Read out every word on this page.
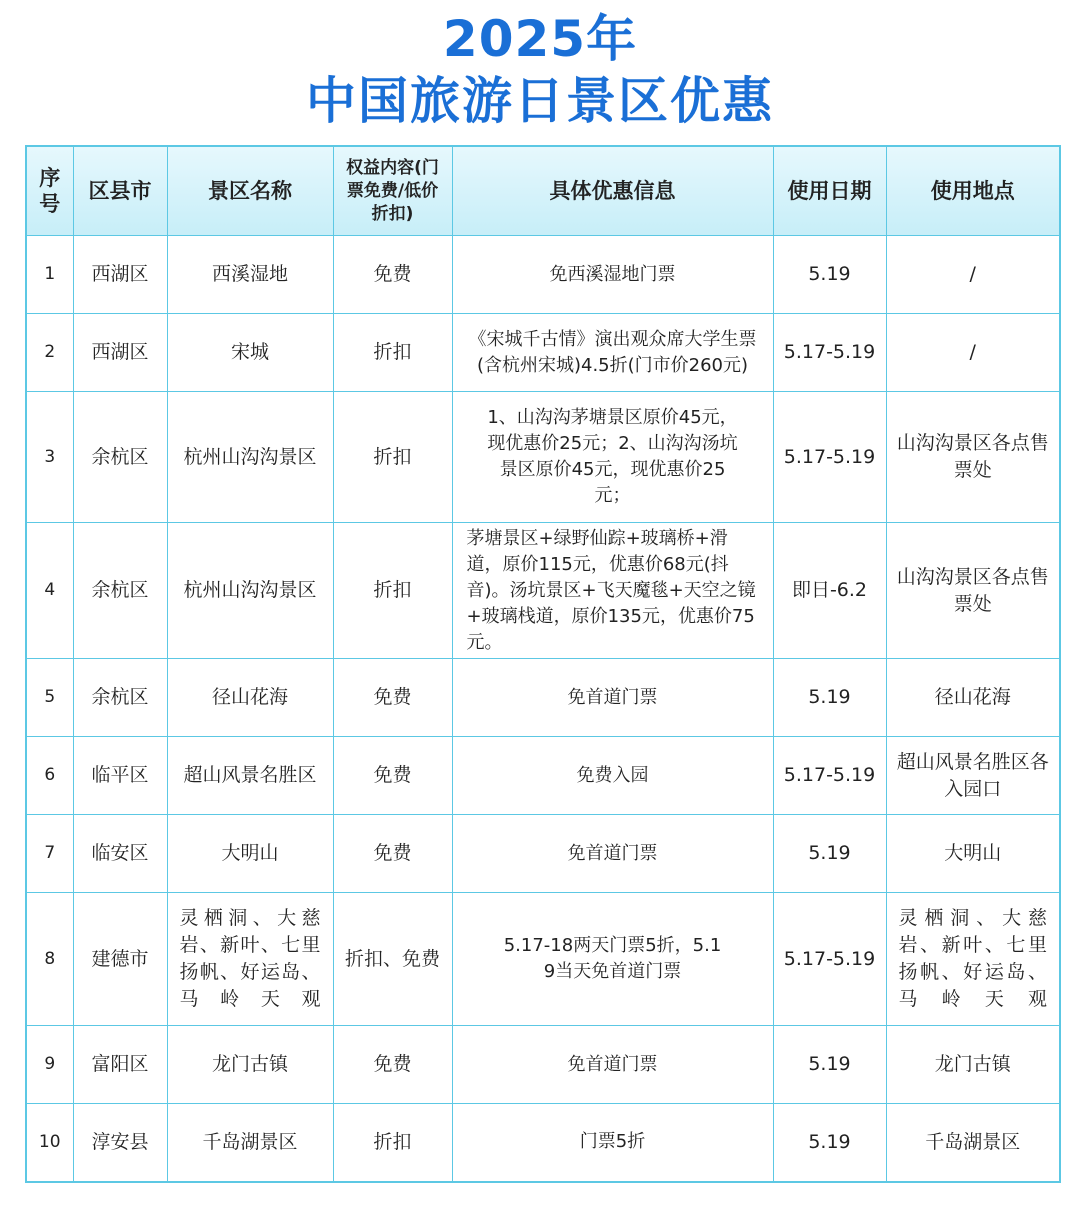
2025年
中国旅游日景区优惠
序号	区县市	景区名称	权益内容(门票免费/低价折扣)	具体优惠信息	使用日期	使用地点
1	西湖区	西溪湿地	免费	免西溪湿地门票	5.19	/
2	西湖区	宋城	折扣	《宋城千古情》演出观众席大学生票(含杭州宋城)4.5折(门市价260元)	5.17-5.19	/
3	余杭区	杭州山沟沟景区	折扣	1、山沟沟茅塘景区原价45元，现优惠价25元；2、山沟沟汤坑景区原价45元，现优惠价25元；	5.17-5.19	山沟沟景区各点售票处
4	余杭区	杭州山沟沟景区	折扣	茅塘景区+绿野仙踪+玻璃桥+滑道，原价115元，优惠价68元(抖音)。汤坑景区+飞天魔毯+天空之镜+玻璃栈道，原价135元，优惠价75元。	即日-6.2	山沟沟景区各点售票处
5	余杭区	径山花海	免费	免首道门票	5.19	径山花海
6	临平区	超山风景名胜区	免费	免费入园	5.17-5.19	超山风景名胜区各入园口
7	临安区	大明山	免费	免首道门票	5.19	大明山
8	建德市	灵栖洞、大慈岩、新叶、七里扬帆、好运岛、马岭天观	折扣、免费	5.17-18两天门票5折，5.19当天免首道门票	5.17-5.19	灵栖洞、大慈岩、新叶、七里扬帆、好运岛、马岭天观
9	富阳区	龙门古镇	免费	免首道门票	5.19	龙门古镇
10	淳安县	千岛湖景区	折扣	门票5折	5.19	千岛湖景区
